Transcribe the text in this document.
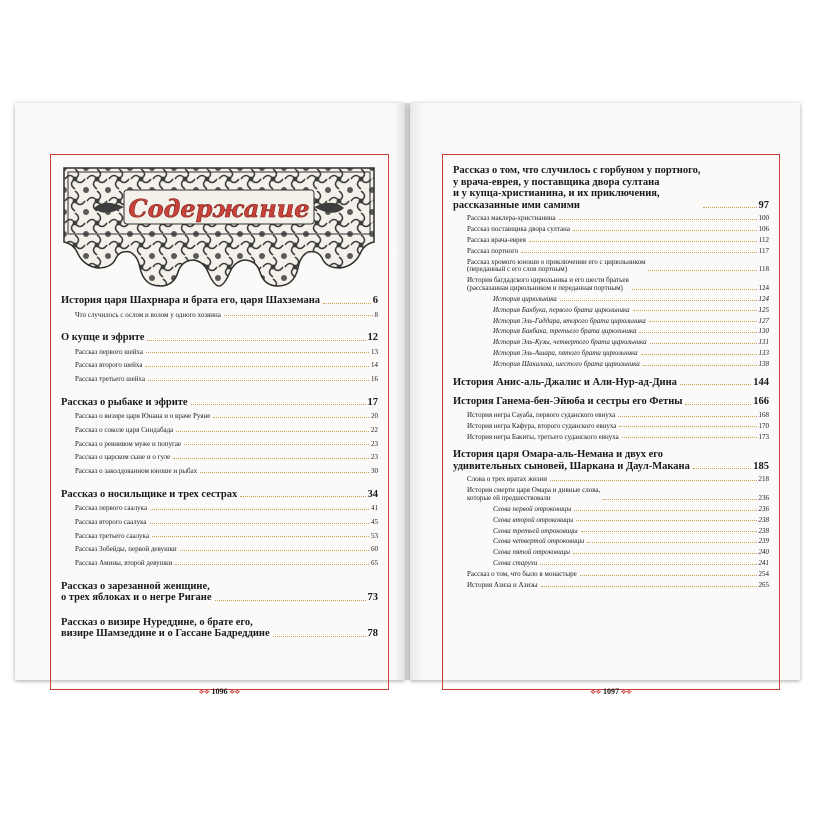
Содержание
История царя Шахрнара и брата его, царя Шахземана	6
Что случилось с ослом и волом у одного хозяина	8
О купце и эфрите	12
Рассказ первого шейха	13
Рассказ второго шейха	14
Рассказ третьего шейха	16
Рассказ о рыбаке и эфрите	17
Рассказ о визире царя Юнана и о враче Руяне	20
Рассказ о соколе царя Синдабада	22
Рассказ о ревнивом муже и попугае	23
Рассказ о царском сыне и о гуле	23
Рассказ о заколдованном юноше и рыбах	30
Рассказ о носильщике и трех сестрах	34
Рассказ первого саалука	41
Рассказ второго саалука	45
Рассказ третьего саалука	53
Рассказ Зобейды, первой девушки	60
Рассказ Амины, второй девушки	65
Рассказ о зарезанной женщине,
о трех яблоках и о негре Ригане	73
Рассказ о визире Нуреддине, о брате его,
визире Шамзеддине и о Гассане Бадреддине	78
⟡⟡ 1096 ⟡⟡
Рассказ о том, что случилось с горбуном у портного,
у врача-еврея, у поставщика двора султана
и у купца-христианина, и их приключения,
рассказанные ими самими	97
Рассказ маклера-христианина	100
Рассказ поставщика двора султана	106
Рассказ врача-еврея	112
Рассказ портного	117
Рассказ хромого юноши о приключении его с цирюльником
(переданный с его слов портным)	118
История багдадского цирюльника и его шести братьев
(рассказанная цирюльником и переданная портным)	124
История цирюльника	124
История Бакбука, первого брата цирюльника	125
История Эль-Гаддара, второго брата цирюльника	127
История Бакбака, третьего брата цирюльника	130
История Эль-Кузы, четвертого брата цирюльника	131
История Эль-Ашара, пятого брата цирюльника	133
История Шакалика, шестого брата цирюльника	138
История Анис-аль-Джалис и Али-Нур-ад-Дина	144
История Ганема-бен-Эйюба и сестры его Фетны	166
История негра Сауаба, первого суданского евнуха	168
История негра Кафура, второго суданского евнуха	170
История негра Бакиты, третьего суданского евнуха	173
История царя Омара-аль-Немана и двух его
удивительных сыновей, Шаркана и Даул-Макана	185
Слова о трех вратах жизни	218
История смерти царя Омара и дивные слова,
которые ей предшествовали	236
Слова первой отроковицы	236
Слова второй отроковицы	238
Слова третьей отроковицы	238
Слова четвертой отроковицы	239
Слова пятой отроковицы	240
Слова старухи	241
Рассказ о том, что было в монастыре	254
История Азиза и Азизы	265
⟡⟡ 1097 ⟡⟡
